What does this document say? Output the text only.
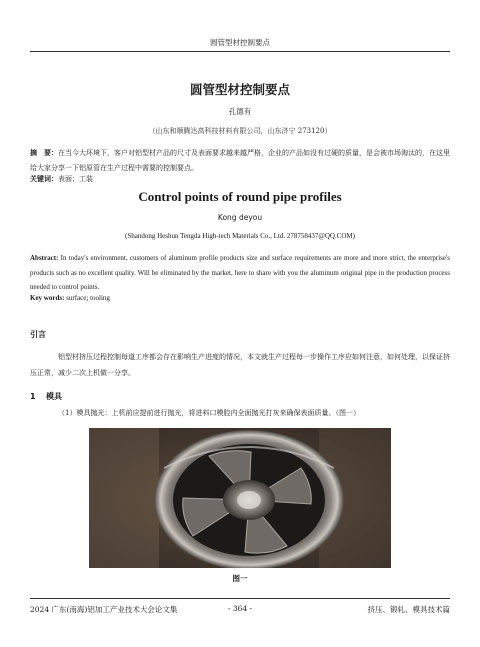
圆管型材控制要点
圆管型材控制要点
孔德有
（山东和顺腾达高科技材料有限公司，山东济宁 273120）
摘　要：在当今大环境下，客户对铝型材产品的尺寸及表面要求越来越严格，企业的产品如没有过硬的质量，是会被市场淘汰的，在这里给大家分享一下铝原管在生产过程中需要的控制要点。
关键词：表面；工装
Control points of round pipe profiles
Kong deyou
(Shandong Heshun Tengda High-tech Materials Co., Ltd. 278758437@QQ.COM)
Abstract: In today's environment, customers of aluminum profile products size and surface requirements are more and more strict, the enterprise's products such as no excellent quality. Will be eliminated by the market, here to share with you the aluminum original pipe in the production process needed to control points.
Key words: surface; tooling
引言
铝型材挤压过程控制每道工序都会存在影响生产进度的情况，本文就生产过程每一步操作工序应如何注意，如何处理，以保证挤压正常，减少二次上机做一分享。
1 模具
（1）模具抛光：上机前应提前进行抛光，将进料口模腔内全面抛光打灰来确保表面质量。（图一）
图一
2024 广东(南海)铝加工产业技术大会论文集	- 364 -	挤压、锻轧、模具技术篇
